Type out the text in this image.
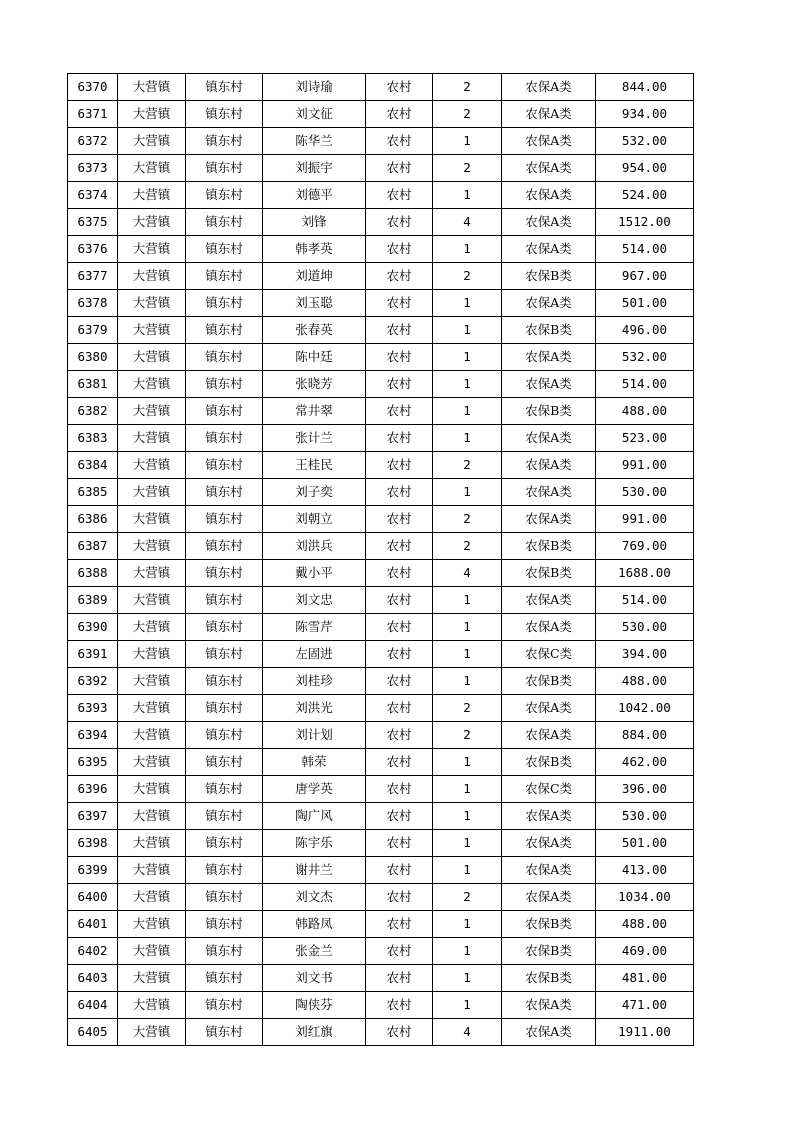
6370	大营镇	镇东村	刘诗瑜	农村	2	农保A类	844.00
6371	大营镇	镇东村	刘文征	农村	2	农保A类	934.00
6372	大营镇	镇东村	陈华兰	农村	1	农保A类	532.00
6373	大营镇	镇东村	刘振宇	农村	2	农保A类	954.00
6374	大营镇	镇东村	刘德平	农村	1	农保A类	524.00
6375	大营镇	镇东村	刘锋	农村	4	农保A类	1512.00
6376	大营镇	镇东村	韩孝英	农村	1	农保A类	514.00
6377	大营镇	镇东村	刘道坤	农村	2	农保B类	967.00
6378	大营镇	镇东村	刘玉聪	农村	1	农保A类	501.00
6379	大营镇	镇东村	张春英	农村	1	农保B类	496.00
6380	大营镇	镇东村	陈中廷	农村	1	农保A类	532.00
6381	大营镇	镇东村	张晓芳	农村	1	农保A类	514.00
6382	大营镇	镇东村	常井翠	农村	1	农保B类	488.00
6383	大营镇	镇东村	张计兰	农村	1	农保A类	523.00
6384	大营镇	镇东村	王桂民	农村	2	农保A类	991.00
6385	大营镇	镇东村	刘子奕	农村	1	农保A类	530.00
6386	大营镇	镇东村	刘朝立	农村	2	农保A类	991.00
6387	大营镇	镇东村	刘洪兵	农村	2	农保B类	769.00
6388	大营镇	镇东村	戴小平	农村	4	农保B类	1688.00
6389	大营镇	镇东村	刘文忠	农村	1	农保A类	514.00
6390	大营镇	镇东村	陈雪芹	农村	1	农保A类	530.00
6391	大营镇	镇东村	左固进	农村	1	农保C类	394.00
6392	大营镇	镇东村	刘桂珍	农村	1	农保B类	488.00
6393	大营镇	镇东村	刘洪光	农村	2	农保A类	1042.00
6394	大营镇	镇东村	刘计划	农村	2	农保A类	884.00
6395	大营镇	镇东村	韩荣	农村	1	农保B类	462.00
6396	大营镇	镇东村	唐学英	农村	1	农保C类	396.00
6397	大营镇	镇东村	陶广风	农村	1	农保A类	530.00
6398	大营镇	镇东村	陈宇乐	农村	1	农保A类	501.00
6399	大营镇	镇东村	谢井兰	农村	1	农保A类	413.00
6400	大营镇	镇东村	刘文杰	农村	2	农保A类	1034.00
6401	大营镇	镇东村	韩路凤	农村	1	农保B类	488.00
6402	大营镇	镇东村	张金兰	农村	1	农保B类	469.00
6403	大营镇	镇东村	刘文书	农村	1	农保B类	481.00
6404	大营镇	镇东村	陶侠芬	农村	1	农保A类	471.00
6405	大营镇	镇东村	刘红旗	农村	4	农保A类	1911.00
